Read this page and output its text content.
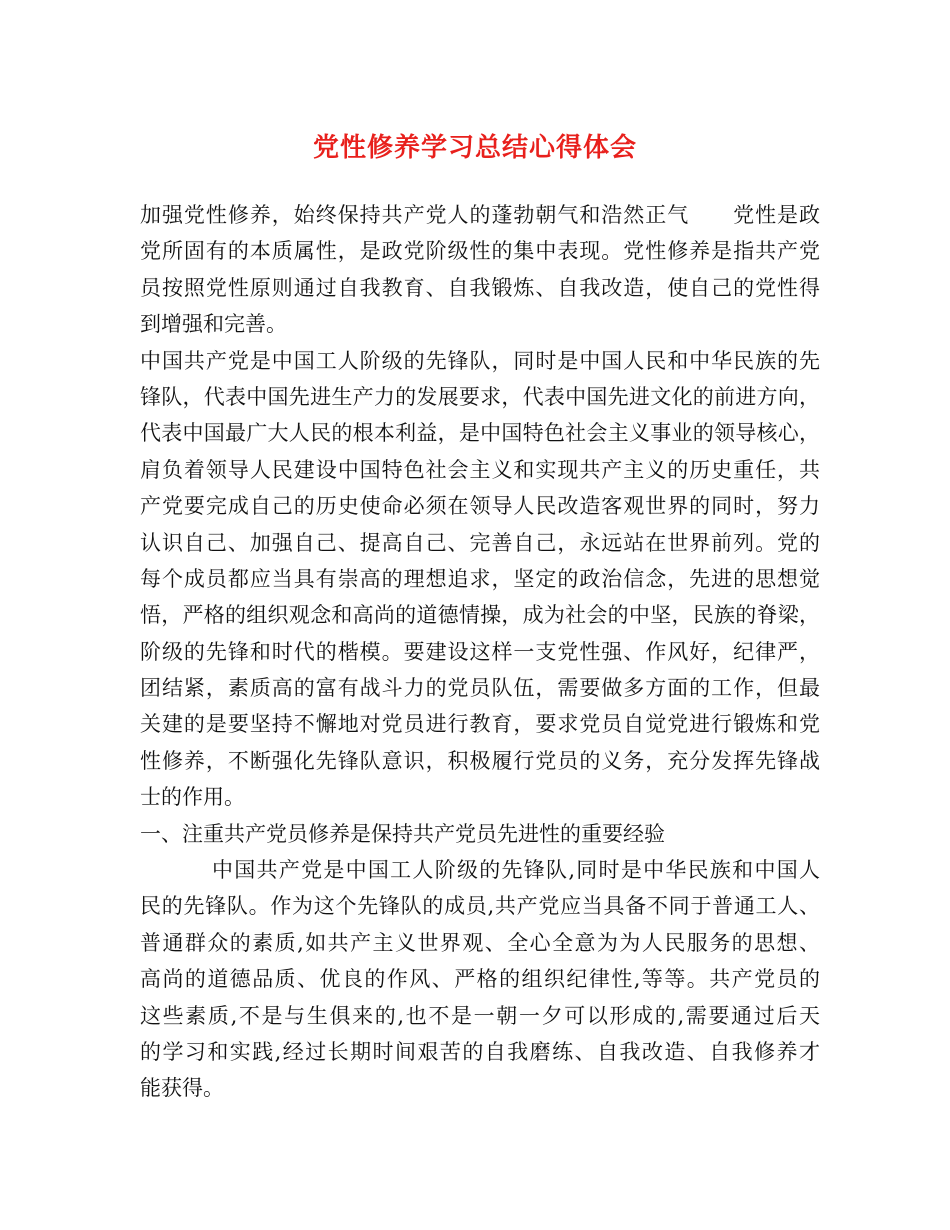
党性修养学习总结心得体会
加强党性修养，始终保持共产党人的蓬勃朝气和浩然正气　　党性是政
党所固有的本质属性，是政党阶级性的集中表现。党性修养是指共产党
员按照党性原则通过自我教育、自我锻炼、自我改造，使自己的党性得
到增强和完善。
中国共产党是中国工人阶级的先锋队，同时是中国人民和中华民族的先
锋队，代表中国先进生产力的发展要求，代表中国先进文化的前进方向，
代表中国最广大人民的根本利益，是中国特色社会主义事业的领导核心，
肩负着领导人民建设中国特色社会主义和实现共产主义的历史重任，共
产党要完成自己的历史使命必须在领导人民改造客观世界的同时，努力
认识自己、加强自己、提高自己、完善自己，永远站在世界前列。党的
每个成员都应当具有崇高的理想追求，坚定的政治信念，先进的思想觉
悟，严格的组织观念和高尚的道德情操，成为社会的中坚，民族的脊梁，
阶级的先锋和时代的楷模。要建设这样一支党性强、作风好，纪律严，
团结紧，素质高的富有战斗力的党员队伍，需要做多方面的工作，但最
关建的是要坚持不懈地对党员进行教育，要求党员自觉党进行锻炼和党
性修养，不断强化先锋队意识，积极履行党员的义务，充分发挥先锋战
士的作用。
一、注重共产党员修养是保持共产党员先进性的重要经验
中国共产党是中国工人阶级的先锋队,同时是中华民族和中国人
民的先锋队。作为这个先锋队的成员,共产党应当具备不同于普通工人、
普通群众的素质,如共产主义世界观、全心全意为为人民服务的思想、
高尚的道德品质、优良的作风、严格的组织纪律性,等等。共产党员的
这些素质,不是与生俱来的,也不是一朝一夕可以形成的,需要通过后天
的学习和实践,经过长期时间艰苦的自我磨练、自我改造、自我修养才
能获得。
